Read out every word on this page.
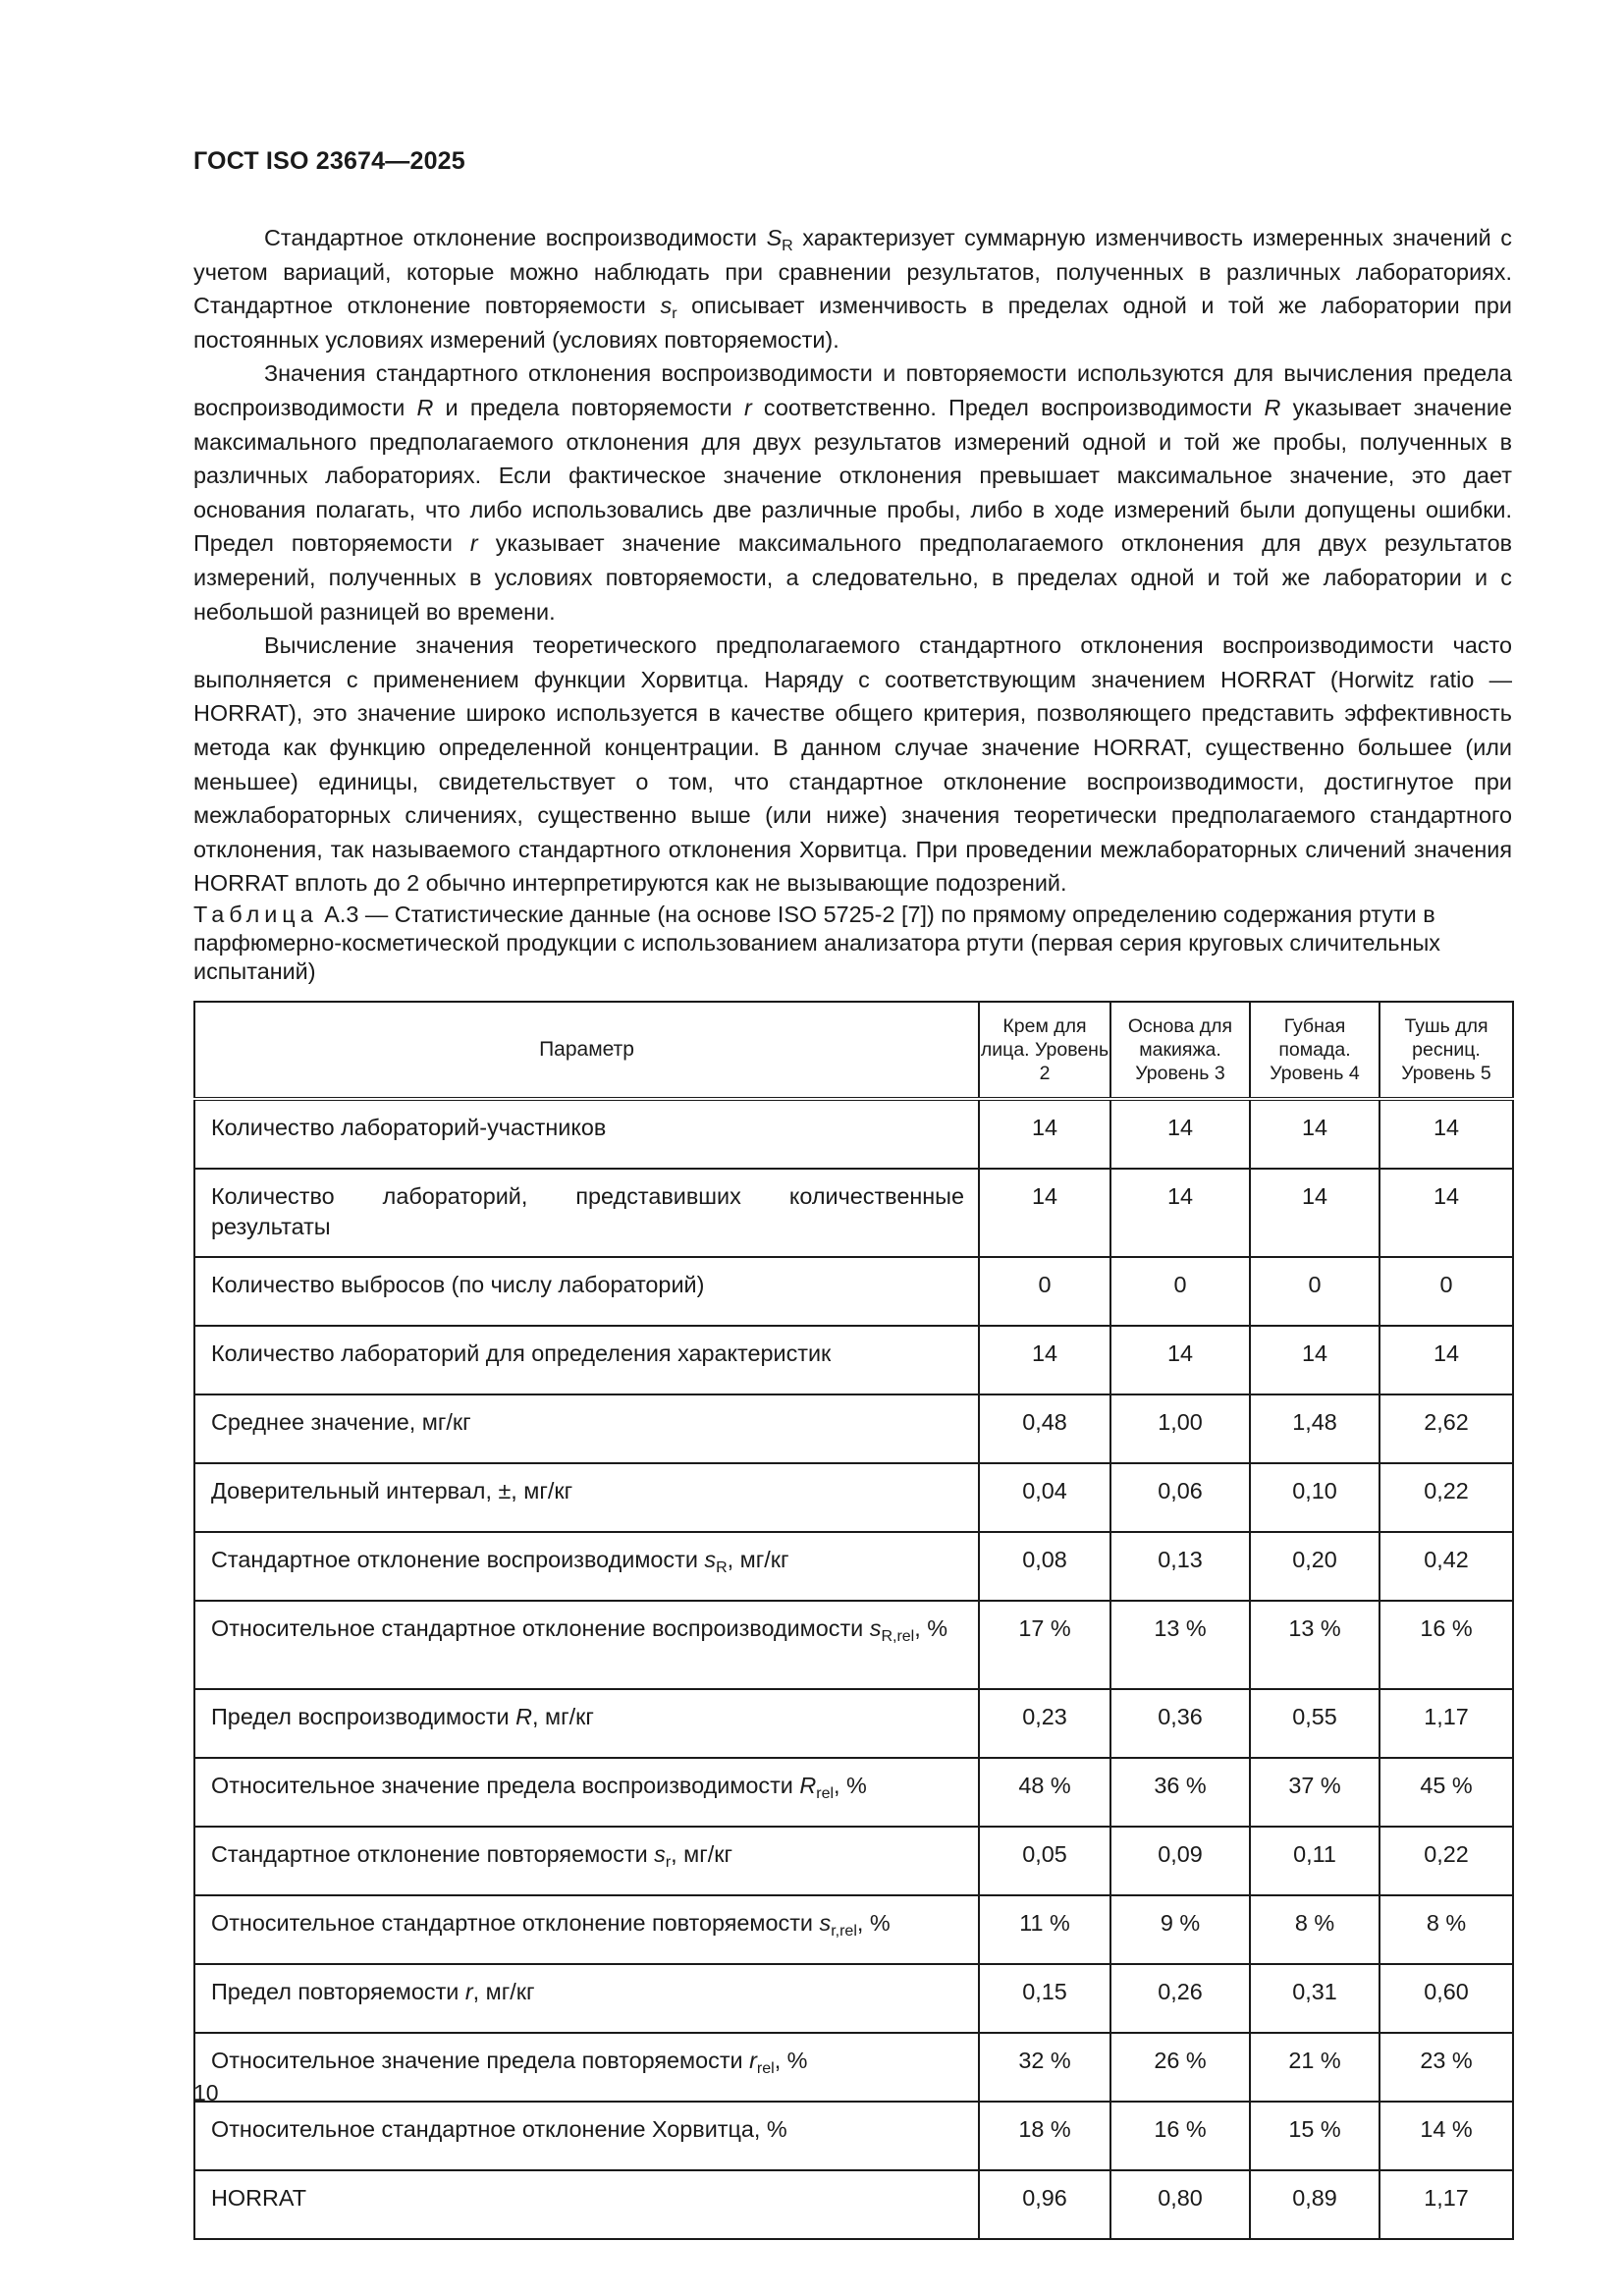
ГОСТ ISO 23674—2025

Стандартное отклонение воспроизводимости $S_R$ характеризует суммарную изменчивость измеренных значений с учетом вариаций, которые можно наблюдать при сравнении результатов, полученных в различных лабораториях. Стандартное отклонение повторяемости $s_r$ описывает изменчивость в пределах одной и той же лаборатории при постоянных условиях измерений (условиях повторяемости).

Значения стандартного отклонения воспроизводимости и повторяемости используются для вычисления предела воспроизводимости R и предела повторяемости r соответственно. Предел воспроизводимости R указывает значение максимального предполагаемого отклонения для двух результатов измерений одной и той же пробы, полученных в различных лабораториях. Если фактическое значение отклонения превышает максимальное значение, это дает основания полагать, что либо использовались две различные пробы, либо в ходе измерений были допущены ошибки. Предел повторяемости r указывает значение максимального предполагаемого отклонения для двух результатов измерений, полученных в условиях повторяемости, а следовательно, в пределах одной и той же лаборатории и с небольшой разницей во времени.

Вычисление значения теоретического предполагаемого стандартного отклонения воспроизводимости часто выполняется с применением функции Хорвитца. Наряду с соответствующим значением HORRAT (Horwitz ratio — HORRAT), это значение широко используется в качестве общего критерия, позволяющего представить эффективность метода как функцию определенной концентрации. В данном случае значение HORRAT, существенно большее (или меньшее) единицы, свидетельствует о том, что стандартное отклонение воспроизводимости, достигнутое при межлабораторных сличениях, существенно выше (или ниже) значения теоретически предполагаемого стандартного отклонения, так называемого стандартного отклонения Хорвитца. При проведении межлабораторных сличений значения HORRAT вплоть до 2 обычно интерпретируются как не вызывающие подозрений.

Таблица А.3 — Статистические данные (на основе ISO 5725-2 [7]) по прямому определению содержания ртути в парфюмерно-косметической продукции с использованием анализатора ртути (первая серия круговых сличительных испытаний)
Параметр	Крем для лица. Уровень 2	Основа для макияжа. Уровень 3	Губная помада. Уровень 4	Тушь для ресниц. Уровень 5
Количество лабораторий-участников	14	14	14	14
Количество лабораторий, представивших количественные результаты	14	14	14	14
Количество выбросов (по числу лабораторий)	0	0	0	0
Количество лабораторий для определения характеристик	14	14	14	14
Среднее значение, мг/кг	0,48	1,00	1,48	2,62
Доверительный интервал, ±, мг/кг	0,04	0,06	0,10	0,22
Стандартное отклонение воспроизводимости $s_R$, мг/кг	0,08	0,13	0,20	0,42
Относительное стандартное отклонение воспроизводимости $s_{R,rel}$, %	17 %	13 %	13 %	16 %
Предел воспроизводимости R, мг/кг	0,23	0,36	0,55	1,17
Относительное значение предела воспроизводимости $R_{rel}$, %	48 %	36 %	37 %	45 %
Стандартное отклонение повторяемости $s_r$, мг/кг	0,05	0,09	0,11	0,22
Относительное стандартное отклонение повторяемости $s_{r,rel}$, %	11 %	9 %	8 %	8 %
Предел повторяемости r, мг/кг	0,15	0,26	0,31	0,60
Относительное значение предела повторяемости $r_{rel}$, %	32 %	26 %	21 %	23 %
Относительное стандартное отклонение Хорвитца, %	18 %	16 %	15 %	14 %
HORRAT	0,96	0,80	0,89	1,17
10
